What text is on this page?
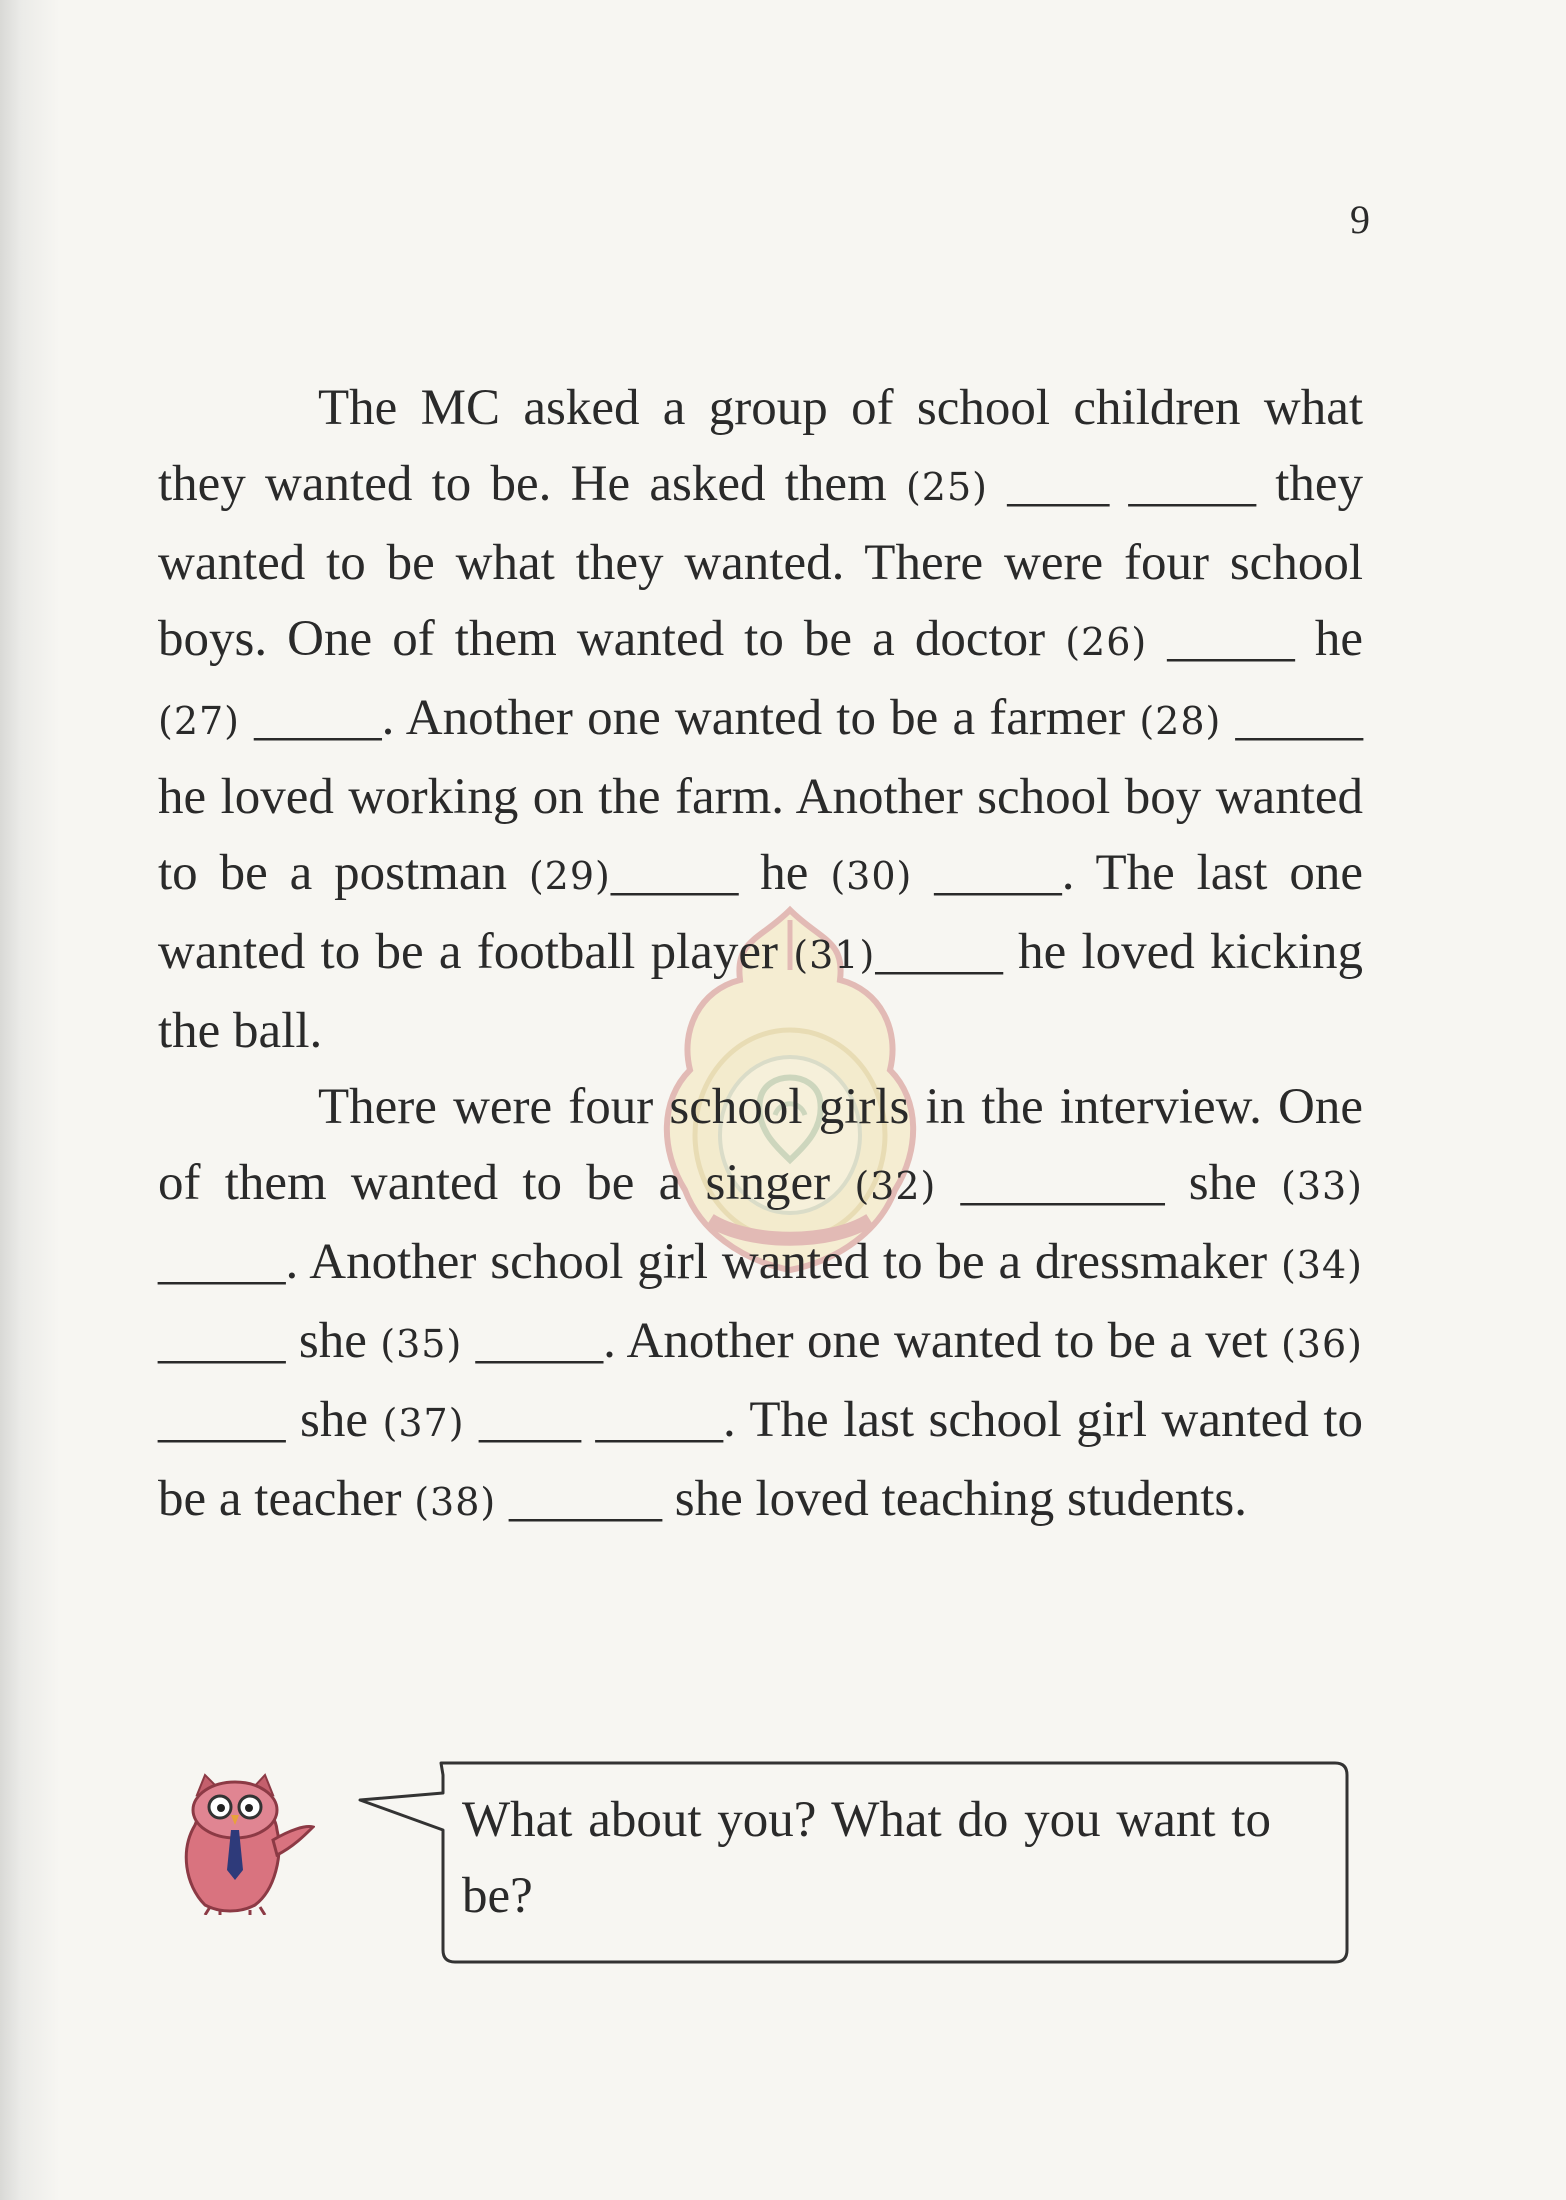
9

The MC asked a group of school children what they wanted to be. He asked them (25) ____ _____ they wanted to be what they wanted. There were four school boys. One of them wanted to be a doctor (26) _____ he (27) _____. Another one wanted to be a farmer (28) _____ he loved working on the farm. Another school boy wanted to be a postman (29)_____ he (30) _____. The last one wanted to be a football player (31)_____ he loved kicking the ball.

There were four school girls in the interview. One of them wanted to be a singer (32) ________ she (33) _____. Another school girl wanted to be a dressmaker (34) _____ she (35) _____. Another one wanted to be a vet (36) _____ she (37) ____ _____. The last school girl wanted to be a teacher (38) ______ she loved teaching students.

What about you? What do you want to be?
